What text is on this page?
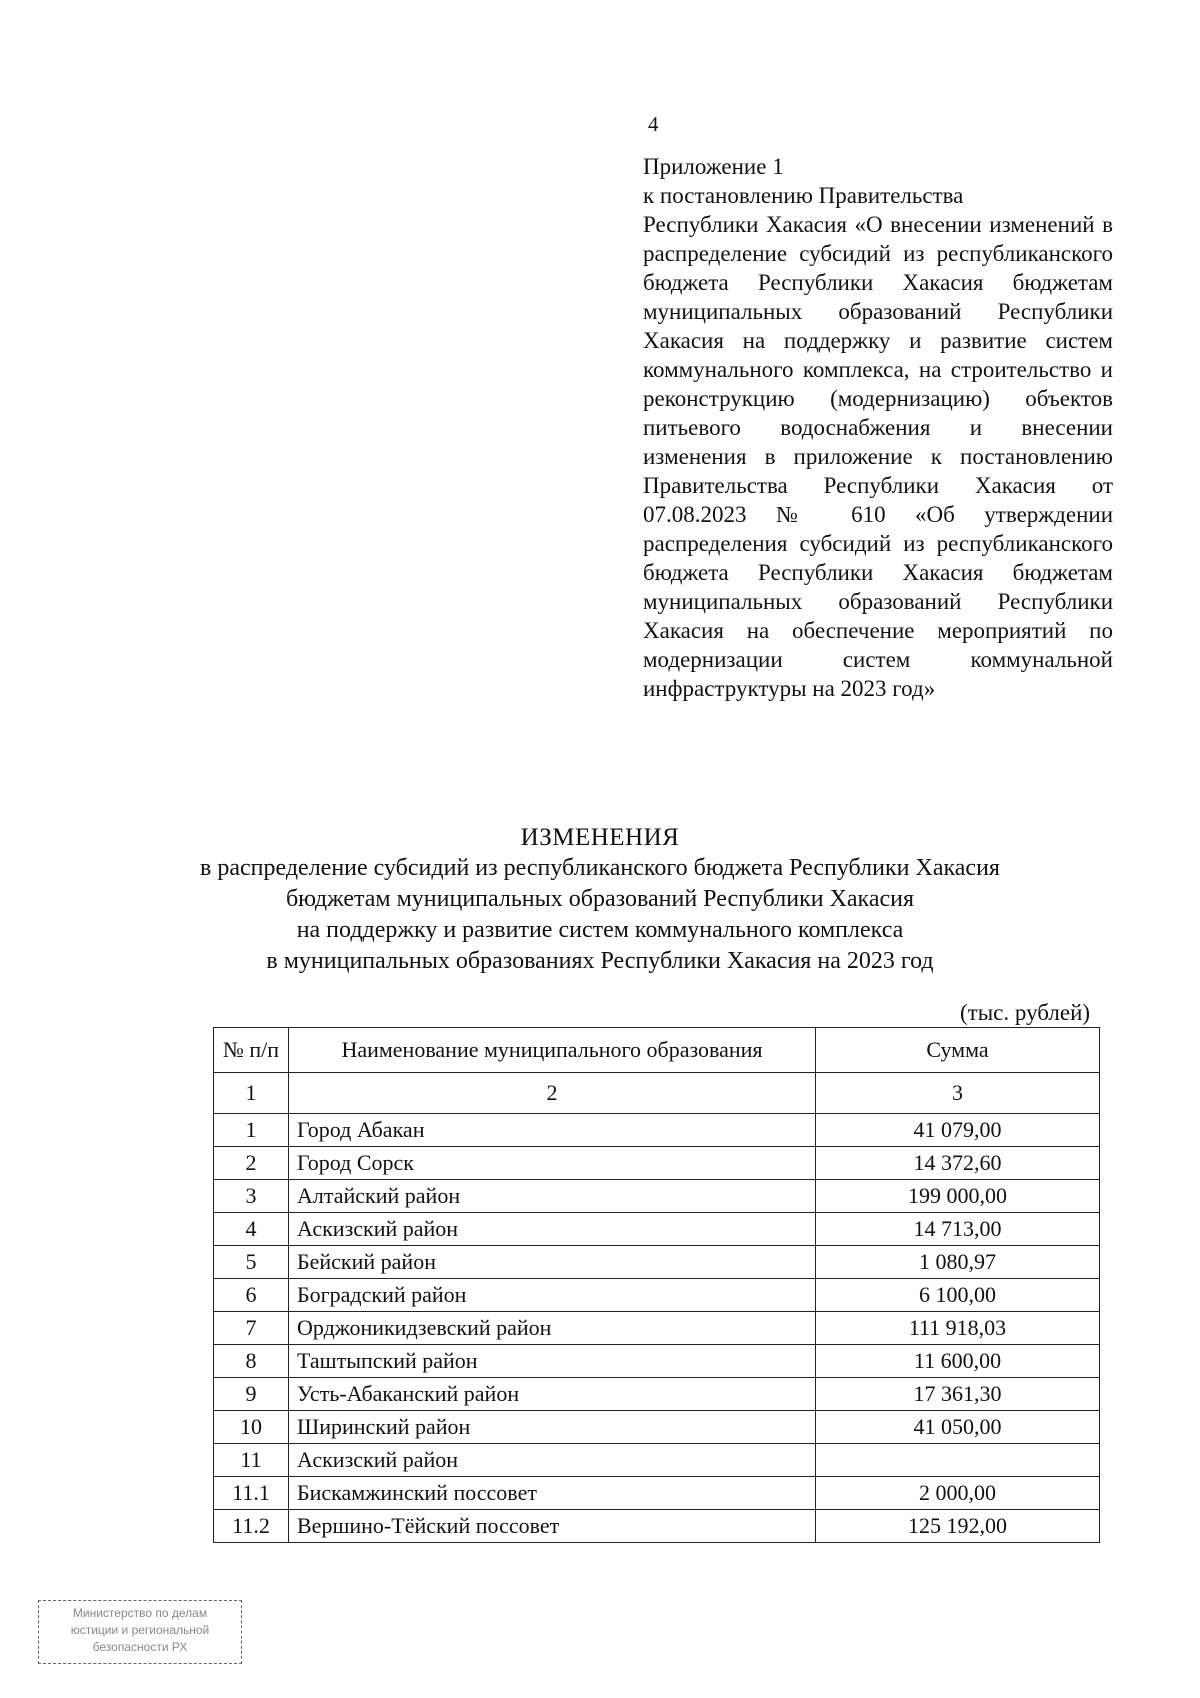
4
Приложение 1
к постановлению Правительства
Республики Хакасия «О внесении изменений в распределение субсидий из республиканского бюджета Республики Хакасия бюджетам муниципальных образований Республики Хакасия на поддержку и развитие систем коммунального комплекса, на строительство и реконструкцию (модернизацию) объектов питьевого водоснабжения и внесении изменения в приложение к постановлению Правительства Республики Хакасия от 07.08.2023 № 610 «Об утверждении распределения субсидий из республиканского бюджета Республики Хакасия бюджетам муниципальных образований Республики Хакасия на обеспечение мероприятий по модернизации систем коммунальной инфраструктуры на 2023 год»
ИЗМЕНЕНИЯ
в распределение субсидий из республиканского бюджета Республики Хакасия
бюджетам муниципальных образований Республики Хакасия
на поддержку и развитие систем коммунального комплекса
в муниципальных образованиях Республики Хакасия на 2023 год
(тыс. рублей)
№ п/п	Наименование муниципального образования	Сумма
1	2	3
1	Город Абакан	41 079,00
2	Город Сорск	14 372,60
3	Алтайский район	199 000,00
4	Аскизский район	14 713,00
5	Бейский район	1 080,97
6	Боградский район	6 100,00
7	Орджоникидзевский район	111 918,03
8	Таштыпский район	11 600,00
9	Усть-Абаканский район	17 361,30
10	Ширинский район	41 050,00
11	Аскизский район	
11.1	Бискамжинский поссовет	2 000,00
11.2	Вершино-Тёйский поссовет	125 192,00
Министерство по делам
юстиции и региональной
безопасности РХ
